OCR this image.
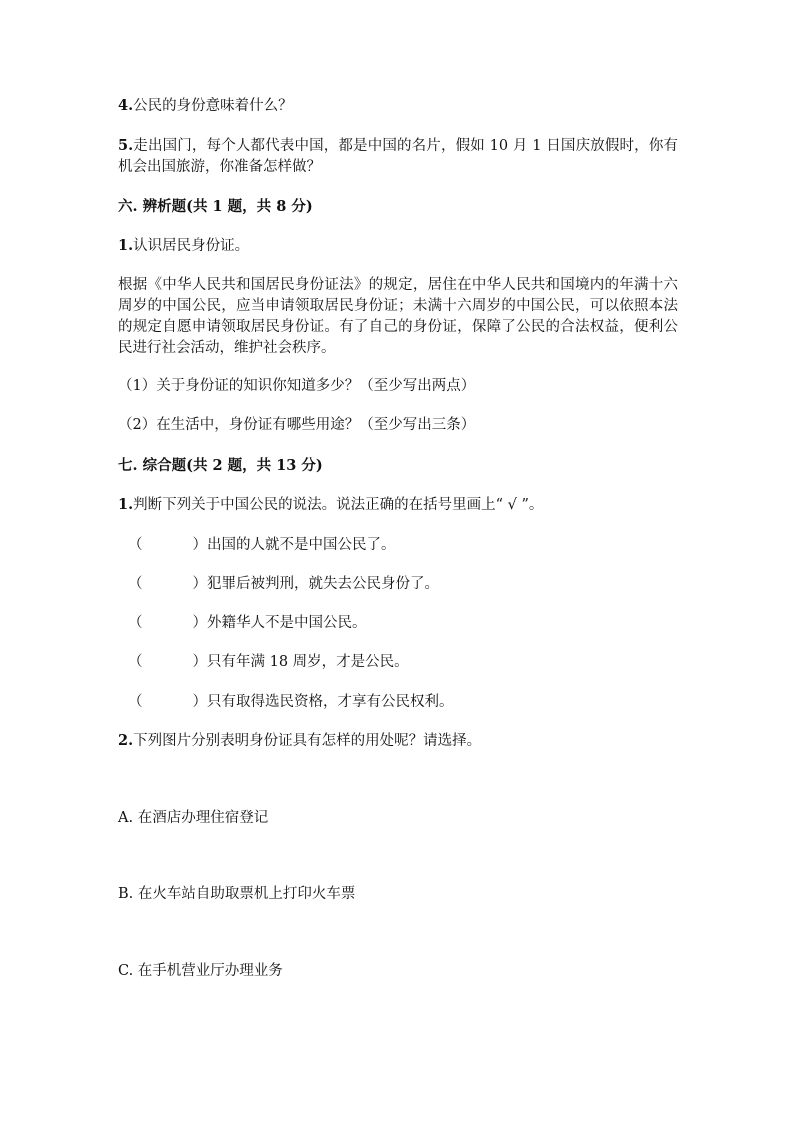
4.公民的身份意味着什么？
5.走出国门，每个人都代表中国，都是中国的名片，假如 10 月 1 日国庆放假时，你有机会出国旅游，你准备怎样做？
六. 辨析题(共 1 题，共 8 分)
1.认识居民身份证。
根据《中华人民共和国居民身份证法》的规定，居住在中华人民共和国境内的年满十六周岁的中国公民，应当申请领取居民身份证；未满十六周岁的中国公民，可以依照本法的规定自愿申请领取居民身份证。有了自己的身份证，保障了公民的合法权益，便利公民进行社会活动，维护社会秩序。
（1）关于身份证的知识你知道多少？（至少写出两点）
（2）在生活中，身份证有哪些用途？（至少写出三条）
七. 综合题(共 2 题，共 13 分)
1.判断下列关于中国公民的说法。说法正确的在括号里画上“ √ ”。
（	）出国的人就不是中国公民了。
（	）犯罪后被判刑，就失去公民身份了。
（	）外籍华人不是中国公民。
（	）只有年满 18 周岁，才是公民。
（	）只有取得选民资格，才享有公民权利。
2.下列图片分别表明身份证具有怎样的用处呢？请选择。
A. 在酒店办理住宿登记
B. 在火车站自助取票机上打印火车票
C. 在手机营业厅办理业务
